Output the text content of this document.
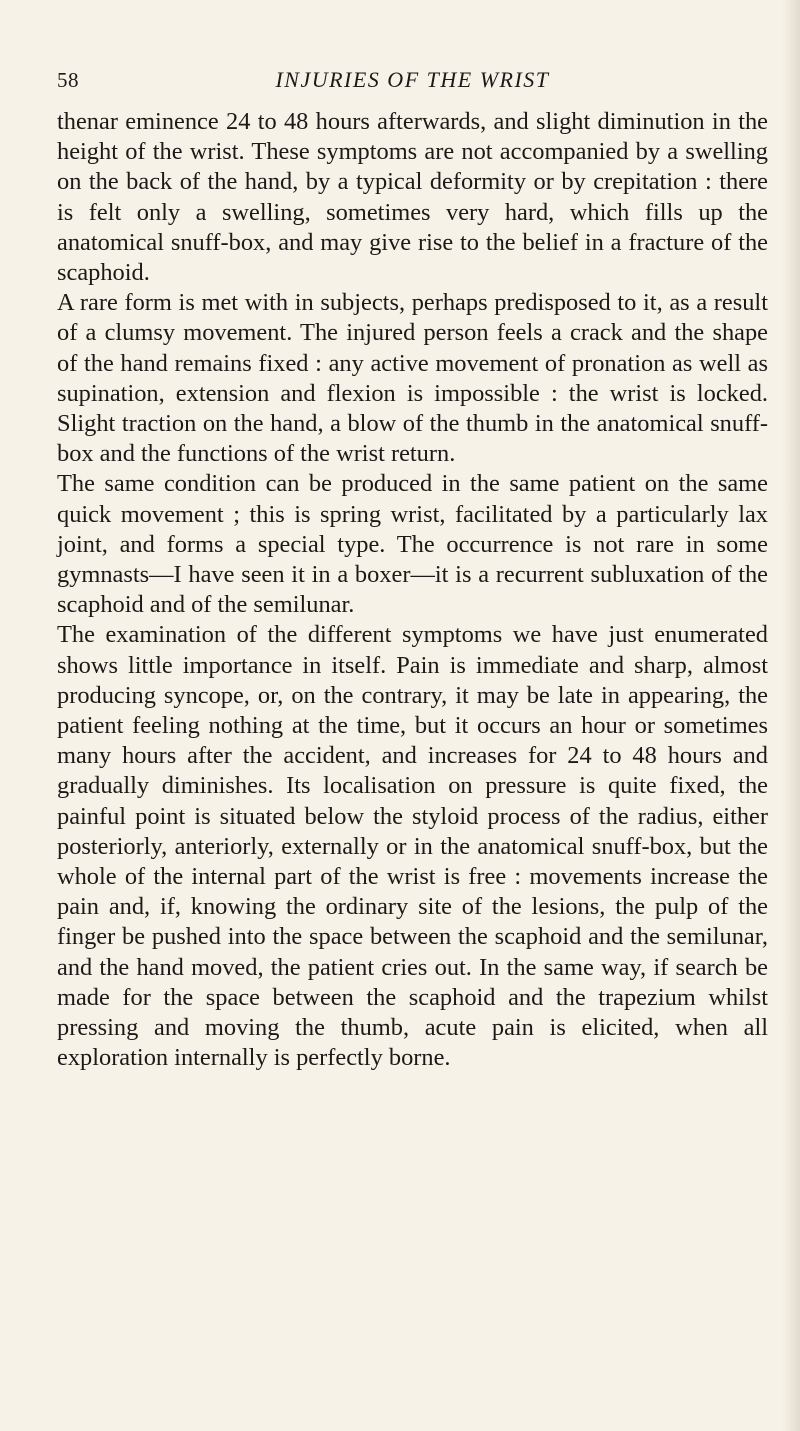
58	INJURIES OF THE WRIST

thenar eminence 24 to 48 hours afterwards, and slight diminution in the height of the wrist. These symptoms are not accompanied by a swelling on the back of the hand, by a typical deformity or by crepitation : there is felt only a swelling, sometimes very hard, which fills up the anatomical snuff-box, and may give rise to the belief in a fracture of the scaphoid.

A rare form is met with in subjects, perhaps predisposed to it, as a result of a clumsy movement. The injured person feels a crack and the shape of the hand remains fixed : any active movement of pronation as well as supination, extension and flexion is impossible : the wrist is locked. Slight traction on the hand, a blow of the thumb in the anatomical snuff-box and the functions of the wrist return.

The same condition can be produced in the same patient on the same quick movement ; this is spring wrist, facilitated by a particularly lax joint, and forms a special type. The occurrence is not rare in some gymnasts—I have seen it in a boxer—it is a recurrent subluxation of the scaphoid and of the semilunar.

The examination of the different symptoms we have just enumerated shows little importance in itself. Pain is immediate and sharp, almost producing syncope, or, on the contrary, it may be late in appearing, the patient feeling nothing at the time, but it occurs an hour or sometimes many hours after the accident, and increases for 24 to 48 hours and gradually diminishes. Its localisation on pressure is quite fixed, the painful point is situated below the styloid process of the radius, either posteriorly, anteriorly, externally or in the anatomical snuff-box, but the whole of the internal part of the wrist is free : movements increase the pain and, if, knowing the ordinary site of the lesions, the pulp of the finger be pushed into the space between the scaphoid and the semilunar, and the hand moved, the patient cries out. In the same way, if search be made for the space between the scaphoid and the trapezium whilst pressing and moving the thumb, acute pain is elicited, when all exploration internally is perfectly borne.
